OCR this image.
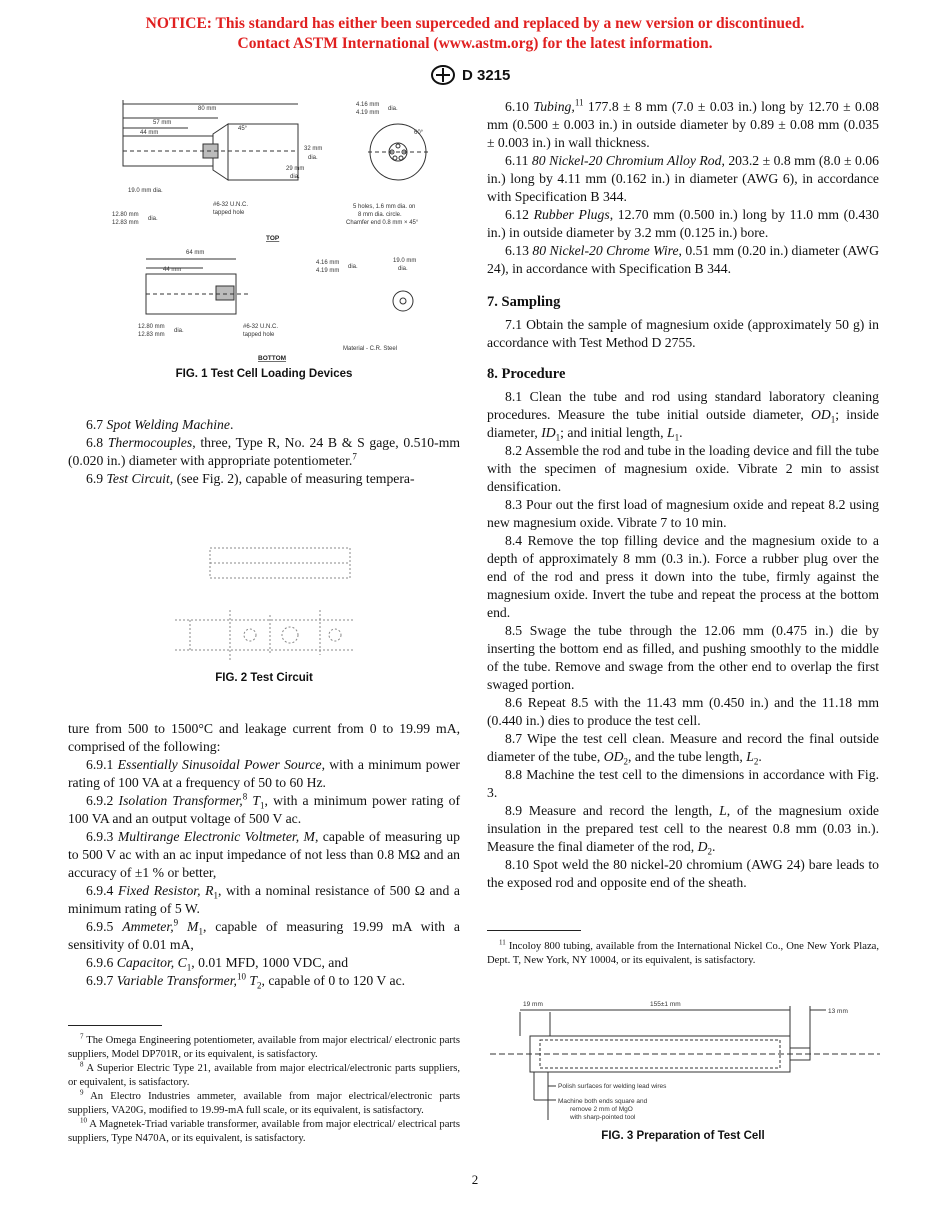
NOTICE: This standard has either been superceded and replaced by a new version or discontinued.
Contact ASTM International (www.astm.org) for the latest information.
D 3215
80 mm
57 mm
44 mm
45°
32 mm
dia.
29 mm
dia.
19.0 mm dia.
#6-32 U.N.C.
tapped hole
12.80 mm
12.83 mm
dia.
4.16 mm
4.19 mm
dia.
60°
5 holes, 1.6 mm dia. on
8 mm dia. circle.
Chamfer end 0.8 mm × 45°
64 mm
44 mm
4.16 mm
4.19 mm
dia.
19.0 mm
dia.
12.80 mm
12.83 mm
dia.
#6-32 U.N.C.
tapped hole
Material - C.R. Steel
TOP
BOTTOM
FIG. 1 Test Cell Loading Devices
FIG. 2 Test Circuit

6.7 Spot Welding Machine.

6.8 Thermocouples, three, Type R, No. 24 B & S gage, 0.510-mm (0.020 in.) diameter with appropriate potentiometer.$^7$

6.9 Test Circuit, (see Fig. 2), capable of measuring tempera-

ture from 500 to 1500°C and leakage current from 0 to 19.99 mA, comprised of the following:

6.9.1 Essentially Sinusoidal Power Source, with a minimum power rating of 100 VA at a frequency of 50 to 60 Hz.

6.9.2 Isolation Transformer,$^8$ $T_1$, with a minimum power rating of 100 VA and an output voltage of 500 V ac.

6.9.3 Multirange Electronic Voltmeter, M, capable of measuring up to 500 V ac with an ac input impedance of not less than 0.8 MΩ and an accuracy of ±1 % or better,

6.9.4 Fixed Resistor, $R_1$, with a nominal resistance of 500 Ω and a minimum rating of 5 W.

6.9.5 Ammeter,$^9$ $M_1$, capable of measuring 19.99 mA with a sensitivity of 0.01 mA,

6.9.6 Capacitor, $C_1$, 0.01 MFD, 1000 VDC, and

6.9.7 Variable Transformer,$^{10}$ $T_2$, capable of 0 to 120 V ac.

$^7$ The Omega Engineering potentiometer, available from major electrical/ electronic parts suppliers, Model DP701R, or its equivalent, is satisfactory.

$^8$ A Superior Electric Type 21, available from major electrical/electronic parts suppliers, or equivalent, is satisfactory.

$^9$ An Electro Industries ammeter, available from major electrical/electronic parts suppliers, VA20G, modified to 19.99-mA full scale, or its equivalent, is satisfactory.

$^{10}$ A Magnetek-Triad variable transformer, available from major electrical/ electrical parts suppliers, Type N470A, or its equivalent, is satisfactory.

6.10 Tubing,$^{11}$ 177.8 ± 8 mm (7.0 ± 0.03 in.) long by 12.70 ± 0.08 mm (0.500 ± 0.003 in.) in outside diameter by 0.89 ± 0.08 mm (0.035 ± 0.003 in.) in wall thickness.

6.11 80 Nickel-20 Chromium Alloy Rod, 203.2 ± 0.8 mm (8.0 ± 0.06 in.) long by 4.11 mm (0.162 in.) in diameter (AWG 6), in accordance with Specification B 344.

6.12 Rubber Plugs, 12.70 mm (0.500 in.) long by 11.0 mm (0.430 in.) in outside diameter by 3.2 mm (0.125 in.) bore.

6.13 80 Nickel-20 Chrome Wire, 0.51 mm (0.20 in.) diameter (AWG 24), in accordance with Specification B 344.

7. Sampling

7.1 Obtain the sample of magnesium oxide (approximately 50 g) in accordance with Test Method D 2755.

8. Procedure

8.1 Clean the tube and rod using standard laboratory cleaning procedures. Measure the tube initial outside diameter, $OD_1$; inside diameter, $ID_1$; and initial length, $L_1$.

8.2 Assemble the rod and tube in the loading device and fill the tube with the specimen of magnesium oxide. Vibrate 2 min to assist densification.

8.3 Pour out the first load of magnesium oxide and repeat 8.2 using new magnesium oxide. Vibrate 7 to 10 min.

8.4 Remove the top filling device and the magnesium oxide to a depth of approximately 8 mm (0.3 in.). Force a rubber plug over the end of the rod and press it down into the tube, firmly against the magnesium oxide. Invert the tube and repeat the process at the bottom end.

8.5 Swage the tube through the 12.06 mm (0.475 in.) die by inserting the bottom end as filled, and pushing smoothly to the middle of the tube. Remove and swage from the other end to overlap the first swaged portion.

8.6 Repeat 8.5 with the 11.43 mm (0.450 in.) and the 11.18 mm (0.440 in.) dies to produce the test cell.

8.7 Wipe the test cell clean. Measure and record the final outside diameter of the tube, $OD_2$, and the tube length, $L_2$.

8.8 Machine the test cell to the dimensions in accordance with Fig. 3.

8.9 Measure and record the length, L, of the magnesium oxide insulation in the prepared test cell to the nearest 0.8 mm (0.03 in.). Measure the final diameter of the rod, $D_2$.

8.10 Spot weld the 80 nickel-20 chromium (AWG 24) bare leads to the exposed rod and opposite end of the sheath.

$^{11}$ Incoloy 800 tubing, available from the International Nickel Co., One New York Plaza, Dept. T, New York, NY 10004, or its equivalent, is satisfactory.

19 mm	155±1 mm
13 mm
Polish surfaces for welding lead wires
Machine both ends square and
remove 2 mm of MgO
with sharp-pointed tool
FIG. 3 Preparation of Test Cell
2
